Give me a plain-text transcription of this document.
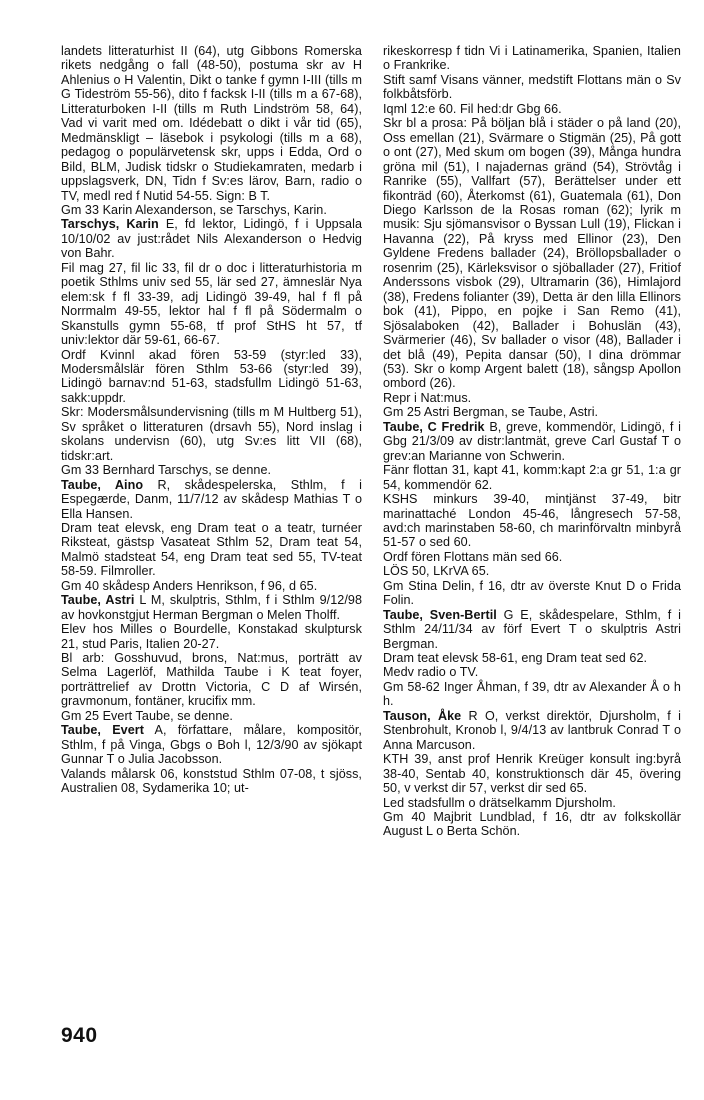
landets litteraturhist II (64), utg Gibbons Romerska rikets nedgång o fall (48-50), postuma skr av H Ahlenius o H Valentin, Dikt o tanke f gymn I-III (tills m G Tideström 55-56), dito f facksk I-II (tills m a 67-68), Litteraturboken I-II (tills m Ruth Lindström 58, 64), Vad vi varit med om. Idédebatt o dikt i vår tid (65), Medmänskligt – läsebok i psykologi (tills m a 68), pedagog o populärvetensk skr, upps i Edda, Ord o Bild, BLM, Judisk tidskr o Studiekamraten, medarb i uppslagsverk, DN, Tidn f Sv:es lärov, Barn, radio o TV, medl red f Nutid 54-55. Sign: B T.

Gm 33 Karin Alexanderson, se Tarschys, Karin.

Tarschys, Karin E, fd lektor, Lidingö, f i Uppsala 10/10/02 av just:rådet Nils Alexanderson o Hedvig von Bahr.

Fil mag 27, fil lic 33, fil dr o doc i litteraturhistoria m poetik Sthlms univ sed 55, lär sed 27, ämneslär Nya elem:sk f fl 33-39, adj Lidingö 39-49, hal f fl på Norrmalm 49-55, lektor hal f fl på Södermalm o Skanstulls gymn 55-68, tf prof StHS ht 57, tf univ:lektor där 59-61, 66-67.

Ordf Kvinnl akad fören 53-59 (styr:led 33), Modersmålslär fören Sthlm 53-66 (styr:led 39), Lidingö barnav:nd 51-63, stadsfullm Lidingö 51-63, sakk:uppdr.

Skr: Modersmålsundervisning (tills m M Hultberg 51), Sv språket o litteraturen (drsavh 55), Nord inslag i skolans undervisn (60), utg Sv:es litt VII (68), tidskr:art.

Gm 33 Bernhard Tarschys, se denne.

Taube, Aino R, skådespelerska, Sthlm, f i Espegærde, Danm, 11/7/12 av skådesp Mathias T o Ella Hansen.

Dram teat elevsk, eng Dram teat o a teatr, turnéer Riksteat, gästsp Vasateat Sthlm 52, Dram teat 54, Malmö stadsteat 54, eng Dram teat sed 55, TV-teat 58-59. Filmroller.

Gm 40 skådesp Anders Henrikson, f 96, d 65.

Taube, Astri L M, skulptris, Sthlm, f i Sthlm 9/12/98 av hovkonstgjut Herman Bergman o Melen Tholff.

Elev hos Milles o Bourdelle, Konstakad skulptursk 21, stud Paris, Italien 20-27.

Bl arb: Gosshuvud, brons, Nat:mus, porträtt av Selma Lagerlöf, Mathilda Taube i K teat foyer, porträttrelief av Drottn Victoria, C D af Wirsén, gravmonum, fontäner, krucifix mm.

Gm 25 Evert Taube, se denne.

Taube, Evert A, författare, målare, kompositör, Sthlm, f på Vinga, Gbgs o Boh l, 12/3/90 av sjökapt Gunnar T o Julia Jacobsson.

Valands målarsk 06, konststud Sthlm 07-08, t sjöss, Australien 08, Sydamerika 10; ut-

rikeskorresp f tidn Vi i Latinamerika, Spanien, Italien o Frankrike.

Stift samf Visans vänner, medstift Flottans män o Sv folkbåtsförb.

Iqml 12:e 60. Fil hed:dr Gbg 66.

Skr bl a prosa: På böljan blå i städer o på land (20), Oss emellan (21), Svärmare o Stigmän (25), På gott o ont (27), Med skum om bogen (39), Många hundra gröna mil (51), I najadernas gränd (54), Strövtåg i Ranrike (55), Vallfart (57), Berättelser under ett fikonträd (60), Återkomst (61), Guatemala (61), Don Diego Karlsson de la Rosas roman (62); lyrik m musik: Sju sjömansvisor o Byssan Lull (19), Flickan i Havanna (22), På kryss med Ellinor (23), Den Gyldene Fredens ballader (24), Bröllopsballader o rosenrim (25), Kärleksvisor o sjöballader (27), Fritiof Anderssons visbok (29), Ultramarin (36), Himlajord (38), Fredens folianter (39), Detta är den lilla Ellinors bok (41), Pippo, en pojke i San Remo (41), Sjösalaboken (42), Ballader i Bohuslän (43), Svärmerier (46), Sv ballader o visor (48), Ballader i det blå (49), Pepita dansar (50), I dina drömmar (53). Skr o komp Argent balett (18), sångsp Apollon ombord (26).

Repr i Nat:mus.

Gm 25 Astri Bergman, se Taube, Astri.

Taube, C Fredrik B, greve, kommendör, Lidingö, f i Gbg 21/3/09 av distr:lantmät, greve Carl Gustaf T o grev:an Marianne von Schwerin.

Fänr flottan 31, kapt 41, komm:kapt 2:a gr 51, 1:a gr 54, kommendör 62.

KSHS minkurs 39-40, mintjänst 37-49, bitr marinattaché London 45-46, långresech 57-58, avd:ch marinstaben 58-60, ch marinförvaltn minbyrå 51-57 o sed 60.

Ordf fören Flottans män sed 66.

LÖS 50, LKrVA 65.

Gm Stina Delin, f 16, dtr av överste Knut D o Frida Folin.

Taube, Sven-Bertil G E, skådespelare, Sthlm, f i Sthlm 24/11/34 av förf Evert T o skulptris Astri Bergman.

Dram teat elevsk 58-61, eng Dram teat sed 62.

Medv radio o TV.

Gm 58-62 Inger Åhman, f 39, dtr av Alexander Å o h h.

Tauson, Åke R O, verkst direktör, Djursholm, f i Stenbrohult, Kronob l, 9/4/13 av lantbruk Conrad T o Anna Marcuson.

KTH 39, anst prof Henrik Kreüger konsult ing:byrå 38-40, Sentab 40, konstruktionsch där 45, övering 50, v verkst dir 57, verkst dir sed 65.

Led stadsfullm o drätselkamm Djursholm.

Gm 40 Majbrit Lundblad, f 16, dtr av folkskollär August L o Berta Schön.

940
